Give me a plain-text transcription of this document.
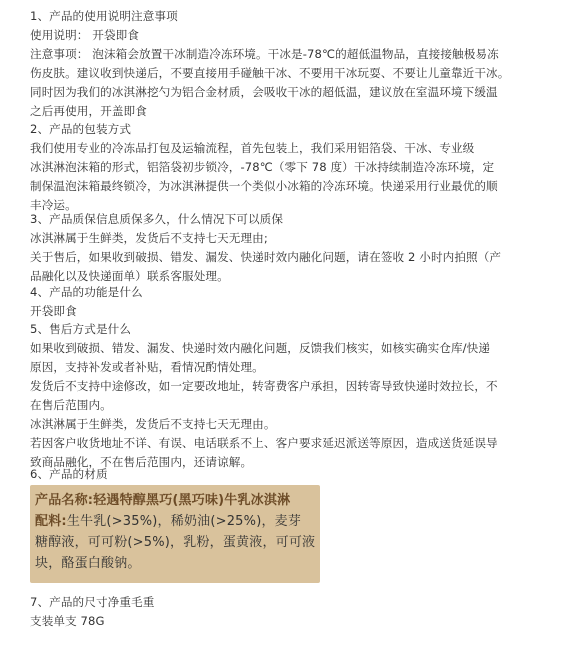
1、产品的使用说明注意事项
使用说明： 开袋即食
注意事项： 泡沫箱会放置干冰制造冷冻环境。干冰是-78℃的超低温物品，直接接触极易冻
伤皮肤。建议收到快递后，不要直接用手碰触干冰、不要用干冰玩耍、不要让儿童靠近干冰。
同时因为我们的冰淇淋挖勺为铝合金材质，会吸收干冰的超低温，建议放在室温环境下缓温
之后再使用，开盖即食
2、产品的包装方式
我们使用专业的冷冻品打包及运输流程，首先包装上，我们采用铝箔袋、干冰、专业级
冰淇淋泡沫箱的形式，铝箔袋初步锁冷，-78℃（零下 78 度）干冰持续制造冷冻环境，定
制保温泡沫箱最终锁冷，为冰淇淋提供一个类似小冰箱的冷冻环境。快递采用行业最优的顺
丰冷运。
3、产品质保信息质保多久，什么情况下可以质保
冰淇淋属于生鲜类，发货后不支持七天无理由;
关于售后，如果收到破损、错发、漏发、快递时效内融化问题，请在签收 2 小时内拍照（产
品融化以及快递面单）联系客服处理。
4、产品的功能是什么
开袋即食
5、售后方式是什么
如果收到破损、错发、漏发、快递时效内融化问题，反馈我们核实，如核实确实仓库/快递
原因，支持补发或者补贴，看情况酌情处理。
发货后不支持中途修改，如一定要改地址，转寄费客户承担，因转寄导致快递时效拉长，不
在售后范围内。
冰淇淋属于生鲜类，发货后不支持七天无理由。
若因客户收货地址不详、有误、电话联系不上、客户要求延迟派送等原因，造成送货延误导
致商品融化，不在售后范围内，还请谅解。
6、产品的材质
产品名称:轻遇特醇黑巧(黑巧味)牛乳冰淇淋
配料:生牛乳(>35%)，稀奶油(>25%)，麦芽
糖醇液，可可粉(>5%)，乳粉，蛋黄液，可可液
块，酪蛋白酸钠。
7、产品的尺寸净重毛重
支装单支 78G
